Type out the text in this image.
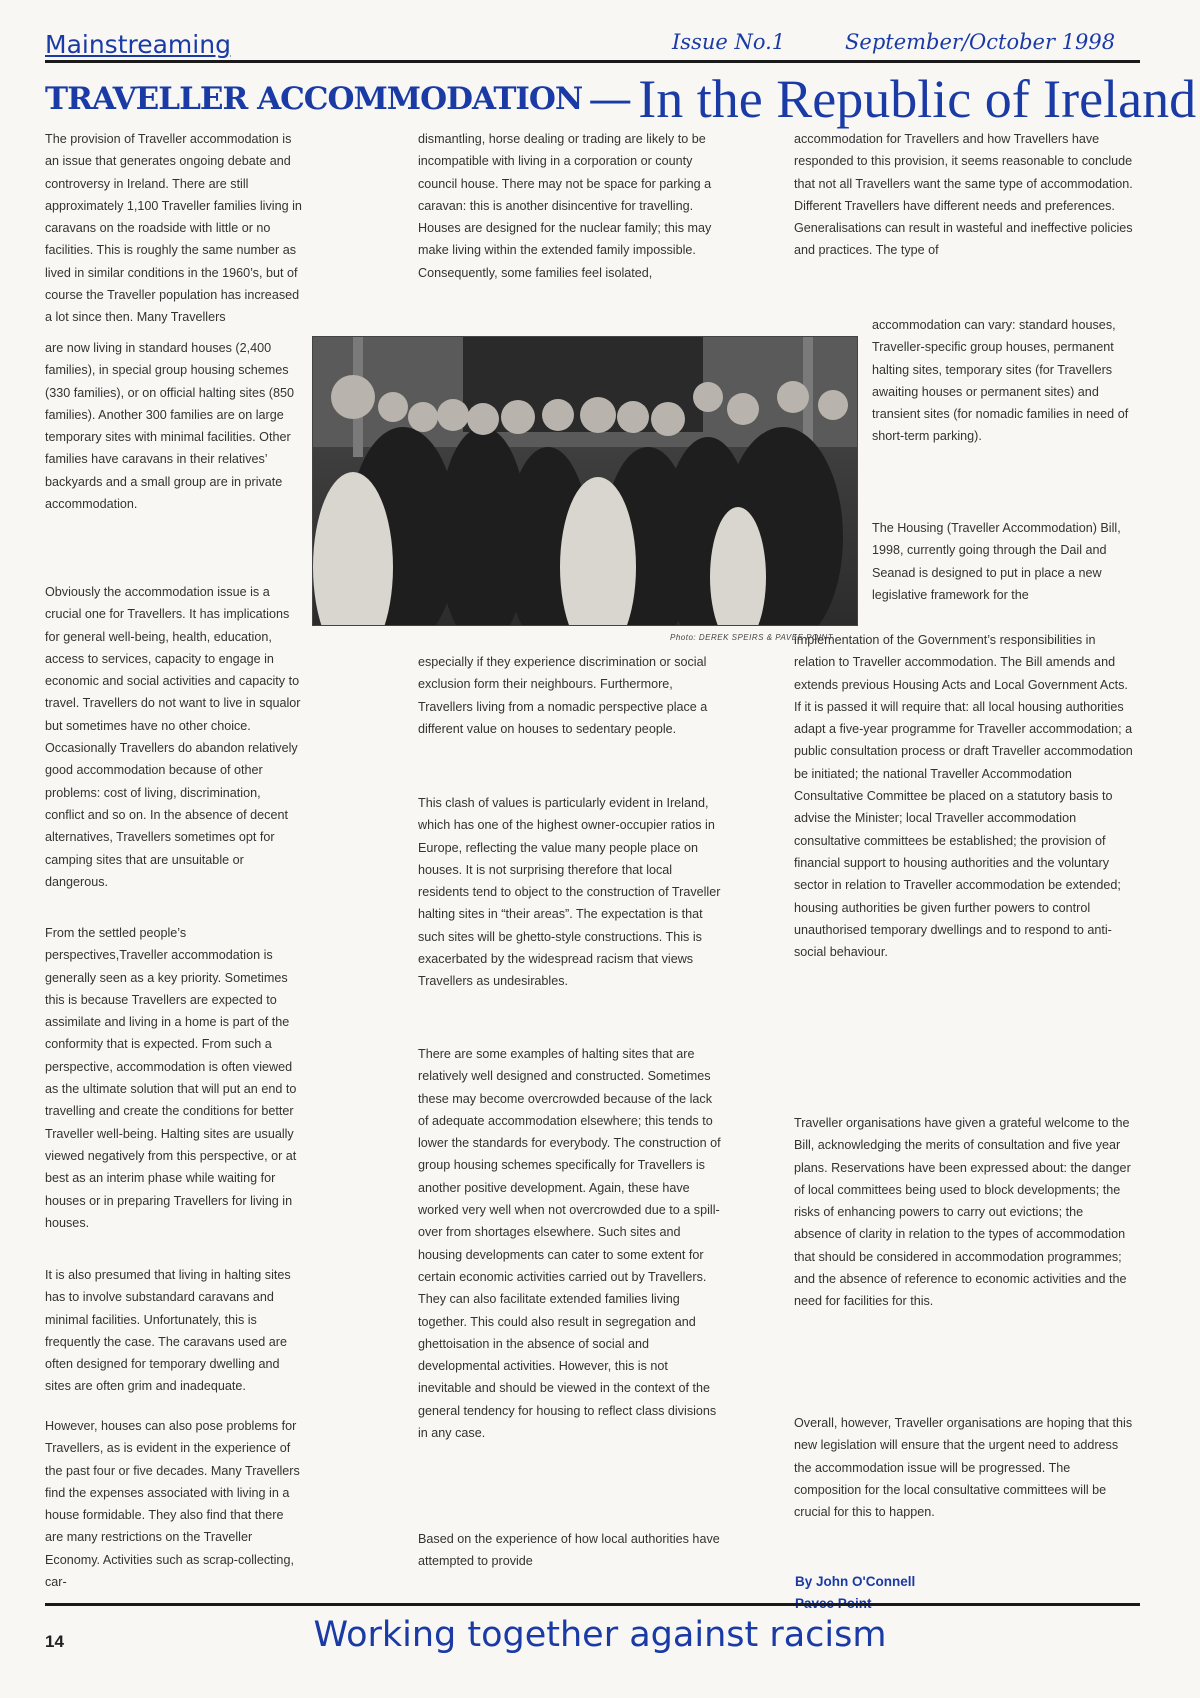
Mainstreaming	Issue No.1	September/October 1998
TRAVELLER ACCOMMODATION — In the Republic of Ireland

The provision of Traveller accommodation is an issue that generates ongoing debate and controversy in Ireland. There are still approximately 1,100 Traveller families living in caravans on the roadside with little or no facilities. This is roughly the same number as lived in similar conditions in the 1960’s, but of course the Traveller population has increased a lot since then. Many Travellers

are now living in standard houses (2,400 families), in special group housing schemes (330 families), or on official halting sites (850 families). Another 300 families are on large temporary sites with minimal facilities. Other families have caravans in their relatives’ backyards and a small group are in private accommodation.

Obviously the accommodation issue is a crucial one for Travellers. It has implications for general well-being, health, education, access to services, capacity to engage in economic and social activities and capacity to travel. Travellers do not want to live in squalor but sometimes have no other choice. Occasionally Travellers do abandon relatively good accommodation because of other problems: cost of living, discrimination, conflict and so on. In the absence of decent alternatives, Travellers sometimes opt for camping sites that are unsuitable or dangerous.

From the settled people’s perspectives,Traveller accommodation is generally seen as a key priority. Sometimes this is because Travellers are expected to assimilate and living in a home is part of the conformity that is expected. From such a perspective, accommodation is often viewed as the ultimate solution that will put an end to travelling and create the conditions for better Traveller well-being. Halting sites are usually viewed negatively from this perspective, or at best as an interim phase while waiting for houses or in preparing Travellers for living in houses.

It is also presumed that living in halting sites has to involve substandard caravans and minimal facilities. Unfortunately, this is frequently the case. The caravans used are often designed for temporary dwelling and sites are often grim and inadequate.

However, houses can also pose problems for Travellers, as is evident in the experience of the past four or five decades. Many Travellers find the expenses associated with living in a house formidable. They also find that there are many restrictions on the Traveller Economy. Activities such as scrap-collecting, car-

dismantling, horse dealing or trading are likely to be incompatible with living in a corporation or county council house. There may not be space for parking a caravan: this is another disincentive for travelling. Houses are designed for the nuclear family; this may make living within the extended family impossible. Consequently, some families feel isolated,

Photo: DEREK SPEIRS & PAVEE POINT

especially if they experience discrimination or social exclusion form their neighbours. Furthermore, Travellers living from a nomadic perspective place a different value on houses to sedentary people.

This clash of values is particularly evident in Ireland, which has one of the highest owner-occupier ratios in Europe, reflecting the value many people place on houses. It is not surprising therefore that local residents tend to object to the construction of Traveller halting sites in “their areas”. The expectation is that such sites will be ghetto-style constructions. This is exacerbated by the widespread racism that views Travellers as undesirables.

There are some examples of halting sites that are relatively well designed and constructed. Sometimes these may become overcrowded because of the lack of adequate accommodation elsewhere; this tends to lower the standards for everybody. The construction of group housing schemes specifically for Travellers is another positive development. Again, these have worked very well when not overcrowded due to a spill-over from shortages elsewhere. Such sites and housing developments can cater to some extent for certain economic activities carried out by Travellers. They can also facilitate extended families living together. This could also result in segregation and ghettoisation in the absence of social and developmental activities. However, this is not inevitable and should be viewed in the context of the general tendency for housing to reflect class divisions in any case.

Based on the experience of how local authorities have attempted to provide

accommodation for Travellers and how Travellers have responded to this provision, it seems reasonable to conclude that not all Travellers want the same type of accommodation. Different Travellers have different needs and preferences. Generalisations can result in wasteful and ineffective policies and practices. The type of

accommodation can vary: standard houses, Traveller-specific group houses, permanent halting sites, temporary sites (for Travellers awaiting houses or permanent sites) and transient sites (for nomadic families in need of short-term parking).

The Housing (Traveller Accommodation) Bill, 1998, currently going through the Dail and Seanad is designed to put in place a new legislative framework for the

implementation of the Government’s responsibilities in relation to Traveller accommodation. The Bill amends and extends previous Housing Acts and Local Government Acts. If it is passed it will require that: all local housing authorities adapt a five-year programme for Traveller accommodation; a public consultation process or draft Traveller accommodation be initiated; the national Traveller Accommodation Consultative Committee be placed on a statutory basis to advise the Minister; local Traveller accommodation consultative committees be established; the provision of financial support to housing authorities and the voluntary sector in relation to Traveller accommodation be extended; housing authorities be given further powers to control unauthorised temporary dwellings and to respond to anti-social behaviour.

Traveller organisations have given a grateful welcome to the Bill, acknowledging the merits of consultation and five year plans. Reservations have been expressed about: the danger of local committees being used to block developments; the risks of enhancing powers to carry out evictions; the absence of clarity in relation to the types of accommodation that should be considered in accommodation programmes; and the absence of reference to economic activities and the need for facilities for this.

Overall, however, Traveller organisations are hoping that this new legislation will ensure that the urgent need to address the accommodation issue will be progressed. The composition for the local consultative committees will be crucial for this to happen.

By John O'Connell

14	Working together against racism
